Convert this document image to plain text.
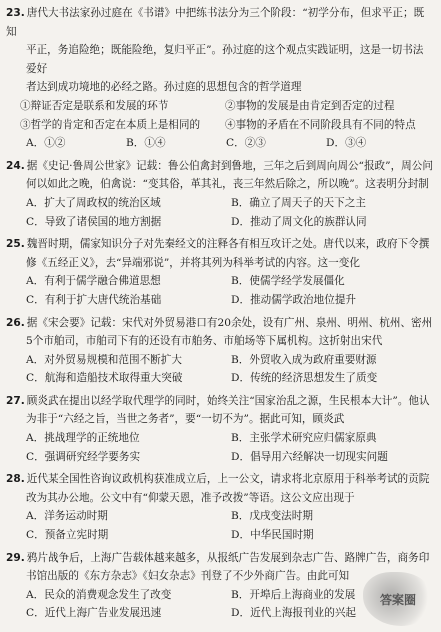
23. 唐代大书法家孙过庭在《书谱》中把练书法分为三个阶段：“初学分布，但求平正；既知
平正，务追险绝；既能险绝，复归平正”。孙过庭的这个观点实践证明，这是一切书法爱好
者达到成功境地的必经之路。孙过庭的思想包含的哲学道理
①辩证否定是联系和发展的环节	②事物的发展是由肯定到否定的过程
③哲学的肯定和否定在本质上是相同的	④事物的矛盾在不同阶段具有不同的特点
A．①②	B．①④	C．②③	D．③④
24. 据《史记·鲁周公世家》记载：鲁公伯禽封到鲁地，三年之后到周向周公“报政”，周公问
何以如此之晚，伯禽说：“变其俗，革其礼，丧三年然后除之，所以晚”。这表明分封制
A．扩大了周政权的统治区域	B．确立了周天子的天下之主
C．导致了诸侯国的地方割据	D．推动了周文化的族群认同
25. 魏晋时期，儒家知识分子对先秦经文的注释各有相互攻讦之处。唐代以来，政府下令撰
修《五经正义》，去“异端邪说”，并将其列为科举考试的内容。这一变化
A．有利于儒学融合佛道思想	B．使儒学经学发展僵化
C．有利于扩大唐代统治基础	D．推动儒学政治地位提升
26. 据《宋会要》记载：宋代对外贸易港口有20余处，设有广州、泉州、明州、杭州、密州
5个市舶司，市舶司下有的还设有市舶务、市舶场等下属机构。这折射出宋代
A．对外贸易规模和范围不断扩大	B．外贸收入成为政府重要财源
C．航海和造船技术取得重大突破	D．传统的经济思想发生了质变
27. 顾炎武在提出以经学取代理学的同时，始终关注“国家治乱之源，生民根本大计”。他认
为非于“六经之旨，当世之务者”，要“一切不为”。据此可知，顾炎武
A．挑战理学的正统地位	B．主张学术研究应归儒家原典
C．强调研究经学要务实	D．倡导用六经解决一切现实问题
28. 近代某全国性咨询议政机构获准成立后，上一公文，请求将北京原用于科举考试的贡院
改为其办公地。公文中有“仰蒙天恩，准予改拨”等语。这公文应出现于
A．洋务运动时期	B．戊戌变法时期
C．预备立宪时期	D．中华民国时期
29. 鸦片战争后，上海广告载体越来越多，从报纸广告发展到杂志广告、路牌广告，商务印
书馆出版的《东方杂志》《妇女杂志》刊登了不少外商广告。由此可知
A．民众的消费观念发生了改变	B．开埠后上海商业的发展
C．近代上海广告业发展迅速	D．近代上海报刊业的兴起
答案圈
